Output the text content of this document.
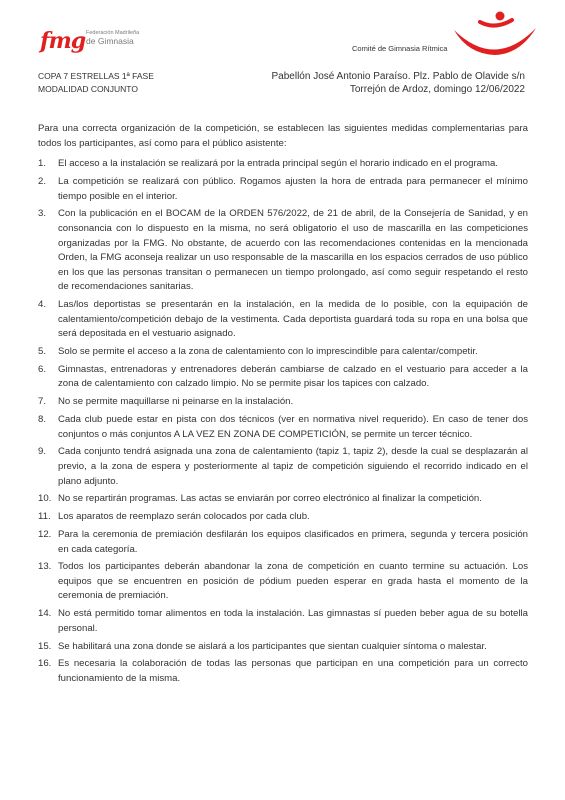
fmg Federación Madrileña
de Gimnasia
Comité de Gimnasia Rítmica
COPA 7 ESTRELLAS 1ª FASE
MODALIDAD CONJUNTO
Pabellón José Antonio Paraíso. Plz. Pablo de Olavide s/n
Torrejón de Ardoz, domingo 12/06/2022

Para una correcta organización de la competición, se establecen las siguientes medidas complementarias para todos los participantes, así como para el público asistente:

1. El acceso a la instalación se realizará por la entrada principal según el horario indicado en el programa.
2. La competición se realizará con público. Rogamos ajusten la hora de entrada para permanecer el mínimo tiempo posible en el interior.
3. Con la publicación en el BOCAM de la ORDEN 576/2022, de 21 de abril, de la Consejería de Sanidad, y en consonancia con lo dispuesto en la misma, no será obligatorio el uso de mascarilla en las competiciones organizadas por la FMG. No obstante, de acuerdo con las recomendaciones contenidas en la mencionada Orden, la FMG aconseja realizar un uso responsable de la mascarilla en los espacios cerrados de uso público en los que las personas transitan o permanecen un tiempo prolongado, así como seguir respetando el resto de recomendaciones sanitarias.
4. Las/los deportistas se presentarán en la instalación, en la medida de lo posible, con la equipación de calentamiento/competición debajo de la vestimenta. Cada deportista guardará toda su ropa en una bolsa que será depositada en el vestuario asignado.
5. Solo se permite el acceso a la zona de calentamiento con lo imprescindible para calentar/competir.
6. Gimnastas, entrenadoras y entrenadores deberán cambiarse de calzado en el vestuario para acceder a la zona de calentamiento con calzado limpio. No se permite pisar los tapices con calzado.
7. No se permite maquillarse ni peinarse en la instalación.
8. Cada club puede estar en pista con dos técnicos (ver en normativa nivel requerido). En caso de tener dos conjuntos o más conjuntos A LA VEZ EN ZONA DE COMPETICIÓN, se permite un tercer técnico.
9. Cada conjunto tendrá asignada una zona de calentamiento (tapiz 1, tapiz 2), desde la cual se desplazarán al previo, a la zona de espera y posteriormente al tapiz de competición siguiendo el recorrido indicado en el plano adjunto.
10. No se repartirán programas. Las actas se enviarán por correo electrónico al finalizar la competición.
11. Los aparatos de reemplazo serán colocados por cada club.
12. Para la ceremonia de premiación desfilarán los equipos clasificados en primera, segunda y tercera posición en cada categoría.
13. Todos los participantes deberán abandonar la zona de competición en cuanto termine su actuación. Los equipos que se encuentren en posición de pódium pueden esperar en grada hasta el momento de la ceremonia de premiación.
14. No está permitido tomar alimentos en toda la instalación. Las gimnastas sí pueden beber agua de su botella personal.
15. Se habilitará una zona donde se aislará a los participantes que sientan cualquier síntoma o malestar.
16. Es necesaria la colaboración de todas las personas que participan en una competición para un correcto funcionamiento de la misma.
